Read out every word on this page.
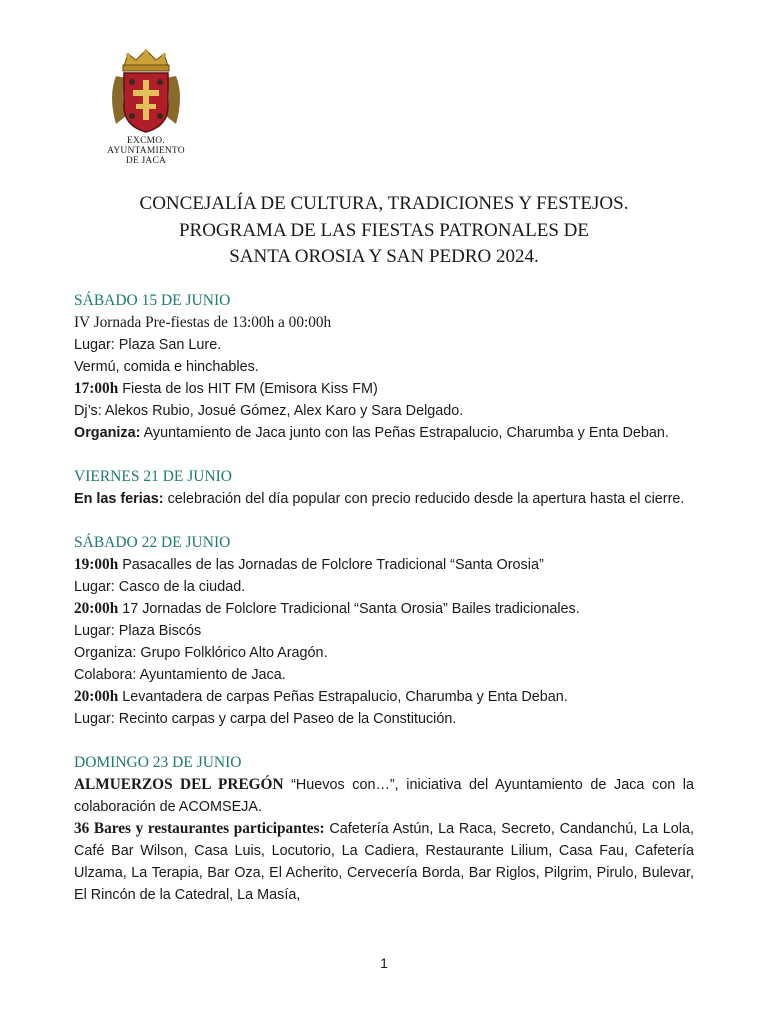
EXCMO.
AYUNTAMIENTO
DE JACA
CONCEJALÍA DE CULTURA, TRADICIONES Y FESTEJOS.
PROGRAMA DE LAS FIESTAS PATRONALES DE
SANTA OROSIA Y SAN PEDRO 2024.

SÁBADO 15 DE JUNIO

IV Jornada Pre-fiestas de 13:00h a 00:00h

Lugar: Plaza San Lure.

Vermú, comida e hinchables.

17:00h Fiesta de los HIT FM (Emisora Kiss FM)

Dj’s: Alekos Rubio, Josué Gómez, Alex Karo y Sara Delgado.

Organiza: Ayuntamiento de Jaca junto con las Peñas Estrapalucio, Charumba y Enta Deban.

VIERNES 21 DE JUNIO

En las ferias: celebración del día popular con precio reducido desde la apertura hasta el cierre.

SÁBADO 22 DE JUNIO

19:00h Pasacalles de las Jornadas de Folclore Tradicional “Santa Orosia”

Lugar: Casco de la ciudad.

20:00h 17 Jornadas de Folclore Tradicional “Santa Orosia” Bailes tradicionales.

Lugar: Plaza Biscós

Organiza: Grupo Folklórico Alto Aragón.

Colabora: Ayuntamiento de Jaca.

20:00h Levantadera de carpas Peñas Estrapalucio, Charumba y Enta Deban.

Lugar: Recinto carpas y carpa del Paseo de la Constitución.

DOMINGO 23 DE JUNIO

ALMUERZOS DEL PREGÓN “Huevos con…”, iniciativa del Ayuntamiento de Jaca con la colaboración de ACOMSEJA.

36 Bares y restaurantes participantes: Cafetería Astún, La Raca, Secreto, Candanchú, La Lola, Café Bar Wilson, Casa Luis, Locutorio, La Cadiera, Restaurante Lilium, Casa Fau, Cafetería Ulzama, La Terapia, Bar Oza, El Acherito, Cervecería Borda, Bar Riglos, Pilgrim, Pirulo, Bulevar, El Rincón de la Catedral, La Masía,

1
